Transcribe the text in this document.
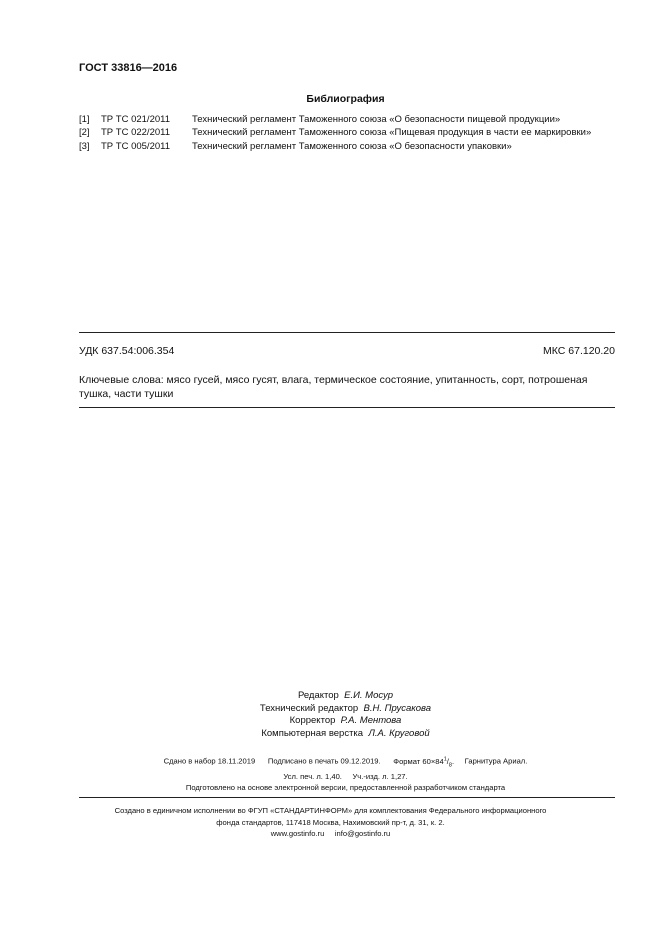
ГОСТ 33816—2016
Библиография
[1] ТР ТС 021/2011 Технический регламент Таможенного союза «О безопасности пищевой продукции»
[2] ТР ТС 022/2011 Технический регламент Таможенного союза «Пищевая продукция в части ее маркировки»
[3] ТР ТС 005/2011 Технический регламент Таможенного союза «О безопасности упаковки»
УДК 637.54:006.354	МКС 67.120.20
Ключевые слова: мясо гусей, мясо гусят, влага, термическое состояние, упитанность, сорт, потрошеная тушка, части тушки
Редактор Е.И. Мосур
Технический редактор В.Н. Прусакова
Корректор Р.А. Ментова
Компьютерная верстка Л.А. Круговой
Сдано в набор 18.11.2019 Подписано в печать 09.12.2019. Формат $60\times 84^1/_8$. Гарнитура Ариал.
Усл. печ. л. 1,40.     Уч.-изд. л. 1,27.
Подготовлено на основе электронной версии, предоставленной разработчиком стандарта
Создано в единичном исполнении во ФГУП «СТАНДАРТИНФОРМ» для комплектования Федерального информационного
фонда стандартов, 117418 Москва, Нахимовский пр-т, д. 31, к. 2.
www.gostinfo.ru info@gostinfo.ru
